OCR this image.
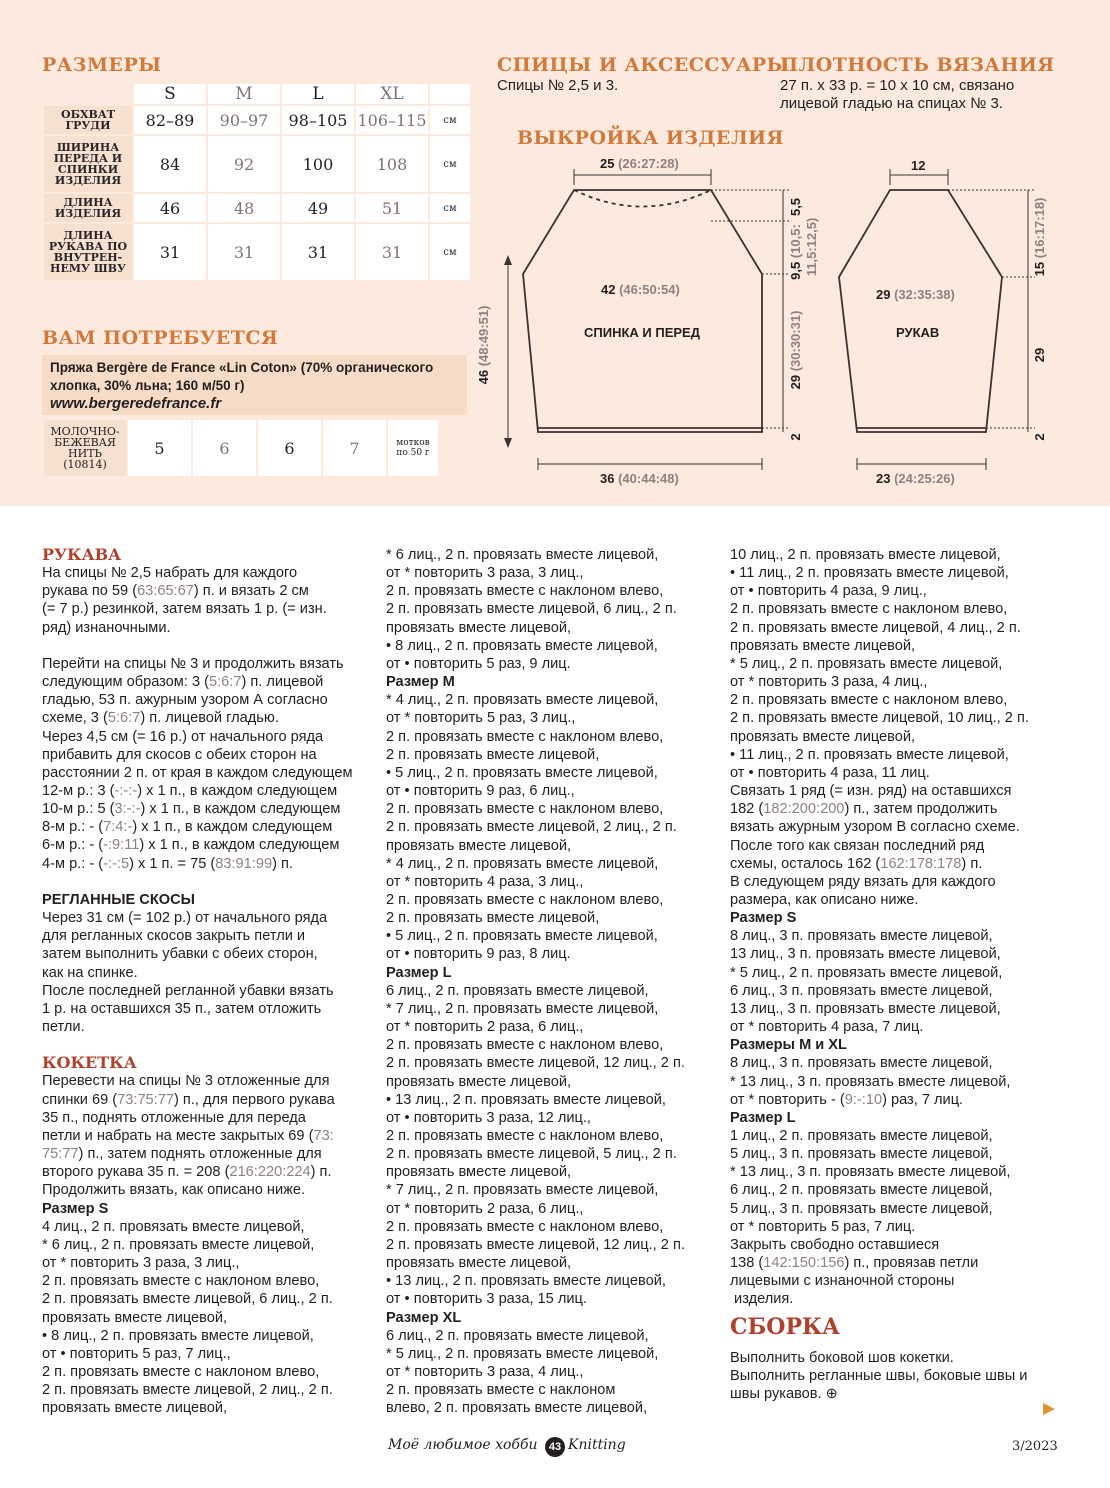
РАЗМЕРЫ	СПИЦЫ И АКСЕССУАРЫ
ПЛОТНОСТЬ ВЯЗАНИЯ
ВЫКРОЙКА ИЗДЕЛИЯ
ВАМ ПОТРЕБУЕТСЯ
Спицы № 2,5 и 3.	27 п. x 33 р. = 10 x 10 см, связано
лицевой гладью на спицах № 3.
	S	M	L	XL	

ОБХВАТ
ГРУДИ	82–89	90–97	98–105	106–115	см

ШИРИНА
ПЕРЕДА И
СПИНКИ
ИЗДЕЛИЯ	84	92	100	108	см

ДЛИНА
ИЗДЕЛИЯ	46	48	49	51	см

ДЛИНА
РУКАВА ПО
ВНУТРЕН-
НЕМУ ШВУ	31	31	31	31	см
Пряжа Bergère de France «Lin Coton» (70% органического
хлопка, 30% льна; 160 м/50 г)
www.bergeredefrance.fr
МОЛОЧНО-
БЕЖЕВАЯ
НИТЬ
(10814)
	5	6	6	7	мотков
по 50 г
25 (26:27:28)
42 (46:50:54)
СПИНКА И ПЕРЕД
36 (40:44:48)
46 (48:49:51)
5,5
9,5 (10,5: 11,5:12,5)
29 (30:30:31)
2
12
29 (32:35:38)
РУКАВ
23 (24:25:26)
15 (16:17:18)
29
2

РУКАВА

На спицы № 2,5 набрать для каждого

рукава по 59 (63:65:67) п. и вязать 2 см

(= 7 р.) резинкой, затем вязать 1 р. (= изн.

ряд) изнаночными.

Перейти на спицы № 3 и продолжить вязать

следующим образом: 3 (5:6:7) п. лицевой

гладью, 53 п. ажурным узором А согласно

схеме, 3 (5:6:7) п. лицевой гладью.

Через 4,5 см (= 16 р.) от начального ряда

прибавить для скосов с обеих сторон на

расстоянии 2 п. от края в каждом следующем

12-м р.: 3 (-:-:-) x 1 п., в каждом следующем

10-м р.: 5 (3:-:-) x 1 п., в каждом следующем

8-м р.: - (7:4:-) x 1 п., в каждом следующем

6-м р.: - (-:9:11) x 1 п., в каждом следующем

4-м р.: - (-:-:5) x 1 п. = 75 (83:91:99) п.

РЕГЛАННЫЕ СКОСЫ

Через 31 см (= 102 р.) от начального ряда

для регланных скосов закрыть петли и

затем выполнить убавки с обеих сторон,

как на спинке.

После последней регланной убавки вязать

1 р. на оставшихся 35 п., затем отложить

петли.

КОКЕТКА

Перевести на спицы № 3 отложенные для

спинки 69 (73:75:77) п., для первого рукава

35 п., поднять отложенные для переда

петли и набрать на месте закрытых 69 (73:

75:77) п., затем поднять отложенные для

второго рукава 35 п. = 208 (216:220:224) п.

Продолжить вязать, как описано ниже.

Размер S

4 лиц., 2 п. провязать вместе лицевой,

* 6 лиц., 2 п. провязать вместе лицевой,

от * повторить 3 раза, 3 лиц.,

2 п. провязать вместе с наклоном влево,

2 п. провязать вместе лицевой, 6 лиц., 2 п.

провязать вместе лицевой,

• 8 лиц., 2 п. провязать вместе лицевой,

от • повторить 5 раз, 7 лиц.,

2 п. провязать вместе с наклоном влево,

2 п. провязать вместе лицевой, 2 лиц., 2 п.

провязать вместе лицевой,

* 6 лиц., 2 п. провязать вместе лицевой,

от * повторить 3 раза, 3 лиц.,

2 п. провязать вместе с наклоном влево,

2 п. провязать вместе лицевой, 6 лиц., 2 п.

провязать вместе лицевой,

• 8 лиц., 2 п. провязать вместе лицевой,

от • повторить 5 раз, 9 лиц.

Размер M

* 4 лиц., 2 п. провязать вместе лицевой,

от * повторить 5 раз, 3 лиц.,

2 п. провязать вместе с наклоном влево,

2 п. провязать вместе лицевой,

• 5 лиц., 2 п. провязать вместе лицевой,

от • повторить 9 раз, 6 лиц.,

2 п. провязать вместе с наклоном влево,

2 п. провязать вместе лицевой, 2 лиц., 2 п.

провязать вместе лицевой,

* 4 лиц., 2 п. провязать вместе лицевой,

от * повторить 4 раза, 3 лиц.,

2 п. провязать вместе с наклоном влево,

2 п. провязать вместе лицевой,

• 5 лиц., 2 п. провязать вместе лицевой,

от • повторить 9 раз, 8 лиц.

Размер L

6 лиц., 2 п. провязать вместе лицевой,

* 7 лиц., 2 п. провязать вместе лицевой,

от * повторить 2 раза, 6 лиц.,

2 п. провязать вместе с наклоном влево,

2 п. провязать вместе лицевой, 12 лиц., 2 п.

провязать вместе лицевой,

• 13 лиц., 2 п. провязать вместе лицевой,

от • повторить 3 раза, 12 лиц.,

2 п. провязать вместе с наклоном влево,

2 п. провязать вместе лицевой, 5 лиц., 2 п.

провязать вместе лицевой,

* 7 лиц., 2 п. провязать вместе лицевой,

от * повторить 2 раза, 6 лиц.,

2 п. провязать вместе с наклоном влево,

2 п. провязать вместе лицевой, 12 лиц., 2 п.

провязать вместе лицевой,

• 13 лиц., 2 п. провязать вместе лицевой,

от • повторить 3 раза, 15 лиц.

Размер XL

6 лиц., 2 п. провязать вместе лицевой,

* 5 лиц., 2 п. провязать вместе лицевой,

от * повторить 3 раза, 4 лиц.,

2 п. провязать вместе с наклоном

влево, 2 п. провязать вместе лицевой,

10 лиц., 2 п. провязать вместе лицевой,

• 11 лиц., 2 п. провязать вместе лицевой,

от • повторить 4 раза, 9 лиц.,

2 п. провязать вместе с наклоном влево,

2 п. провязать вместе лицевой, 4 лиц., 2 п.

провязать вместе лицевой,

* 5 лиц., 2 п. провязать вместе лицевой,

от * повторить 3 раза, 4 лиц.,

2 п. провязать вместе с наклоном влево,

2 п. провязать вместе лицевой, 10 лиц., 2 п.

провязать вместе лицевой,

• 11 лиц., 2 п. провязать вместе лицевой,

от • повторить 4 раза, 11 лиц.

Связать 1 ряд (= изн. ряд) на оставшихся

182 (182:200:200) п., затем продолжить

вязать ажурным узором В согласно схеме.

После того как связан последний ряд

схемы, осталось 162 (162:178:178) п.

В следующем ряду вязать для каждого

размера, как описано ниже.

Размер S

8 лиц., 3 п. провязать вместе лицевой,

13 лиц., 3 п. провязать вместе лицевой,

* 5 лиц., 2 п. провязать вместе лицевой,

6 лиц., 3 п. провязать вместе лицевой,

13 лиц., 3 п. провязать вместе лицевой,

от * повторить 4 раза, 7 лиц.

Размеры M и XL

8 лиц., 3 п. провязать вместе лицевой,

* 13 лиц., 3 п. провязать вместе лицевой,

от * повторить - (9:-:10) раз, 7 лиц.

Размер L

1 лиц., 2 п. провязать вместе лицевой,

5 лиц., 3 п. провязать вместе лицевой,

* 13 лиц., 3 п. провязать вместе лицевой,

6 лиц., 2 п. провязать вместе лицевой,

5 лиц., 3 п. провязать вместе лицевой,

от * повторить 5 раз, 7 лиц.

Закрыть свободно оставшиеся

138 (142:150:156) п., провязав петли

лицевыми с изнаночной стороны

изделия.

СБОРКА

Выполнить боковой шов кокетки.

Выполнить регланные швы, боковые швы и

швы рукавов. ⊕

Моё любимое хобби	43 Knitting	3/2023
